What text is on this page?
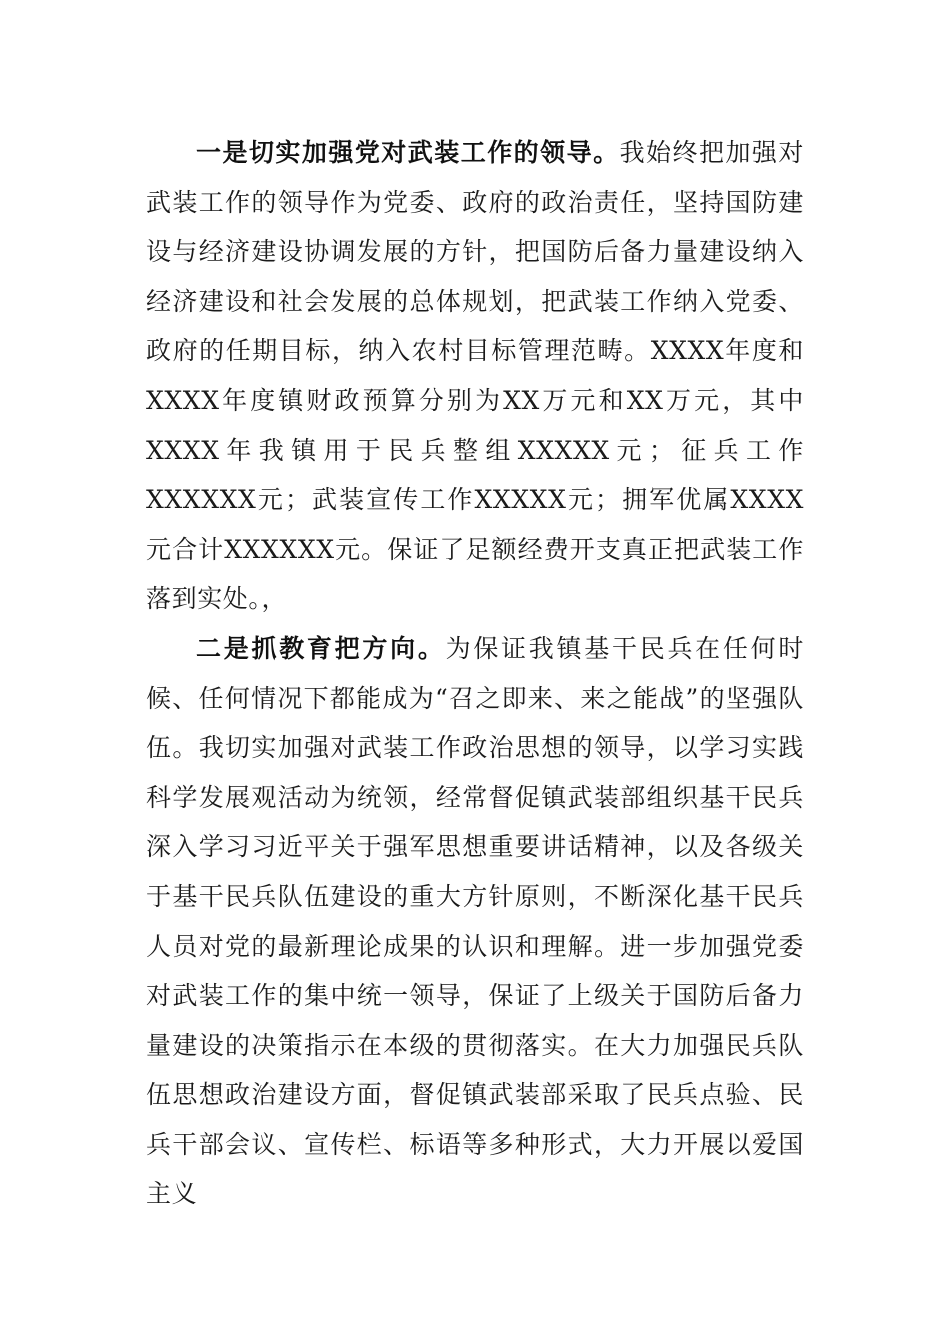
一是切实加强党对武装工作的领导。我始终把加强对武装工作的领导作为党委、政府的政治责任，坚持国防建设与经济建设协调发展的方针，把国防后备力量建设纳入经济建设和社会发展的总体规划，把武装工作纳入党委、政府的任期目标，纳入农村目标管理范畴。XXXX年度和XXXX年度镇财政预算分别为XX万元和XX万元，其中XXXX年我镇用于民兵整组XXXXX元；征兵工作XXXXXX元；武装宣传工作XXXXX元；拥军优属XXXX元合计XXXXXX元。保证了足额经费开支真正把武装工作落到实处。，

二是抓教育把方向。为保证我镇基干民兵在任何时候、任何情况下都能成为“召之即来、来之能战”的坚强队伍。我切实加强对武装工作政治思想的领导，以学习实践科学发展观活动为统领，经常督促镇武装部组织基干民兵深入学习习近平关于强军思想重要讲话精神，以及各级关于基干民兵队伍建设的重大方针原则，不断深化基干民兵人员对党的最新理论成果的认识和理解。进一步加强党委对武装工作的集中统一领导，保证了上级关于国防后备力量建设的决策指示在本级的贯彻落实。在大力加强民兵队伍思想政治建设方面，督促镇武装部采取了民兵点验、民兵干部会议、宣传栏、标语等多种形式，大力开展以爱国主义
